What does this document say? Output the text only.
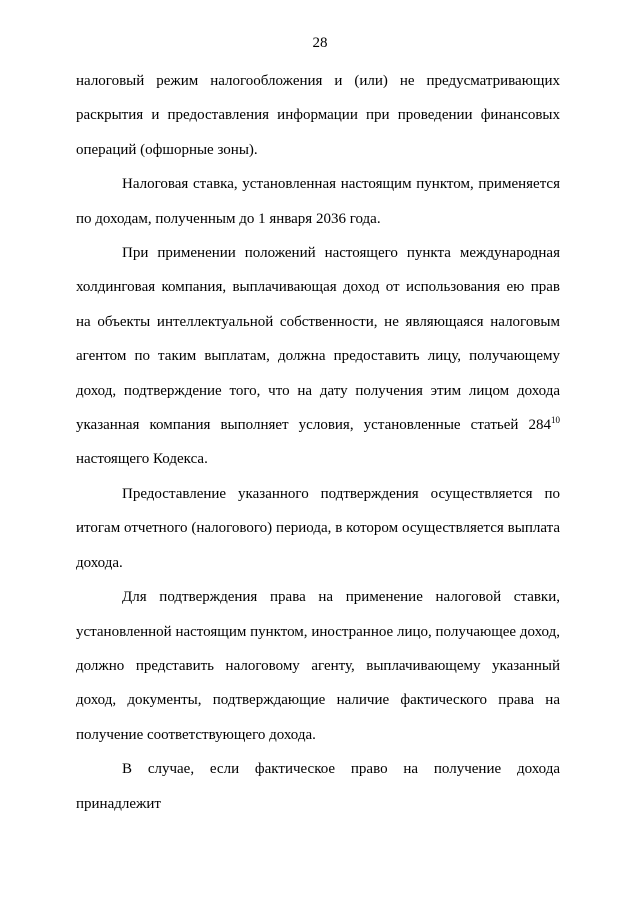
28

налоговый режим налогообложения и (или) не предусматривающих раскрытия и предоставления информации при проведении финансовых операций (офшорные зоны).

Налоговая ставка, установленная настоящим пунктом, применяется по доходам, полученным до 1 января 2036 года.

При применении положений настоящего пункта международная холдинговая компания, выплачивающая доход от использования ею прав на объекты интеллектуальной собственности, не являющаяся налоговым агентом по таким выплатам, должна предоставить лицу, получающему доход, подтверждение того, что на дату получения этим лицом дохода указанная компания выполняет условия, установленные статьей $284^{10}$ настоящего Кодекса.

Предоставление указанного подтверждения осуществляется по итогам отчетного (налогового) периода, в котором осуществляется выплата дохода.

Для подтверждения права на применение налоговой ставки, установленной настоящим пунктом, иностранное лицо, получающее доход, должно представить налоговому агенту, выплачивающему указанный доход, документы, подтверждающие наличие фактического права на получение соответствующего дохода.

В случае, если фактическое право на получение дохода принадлежит
